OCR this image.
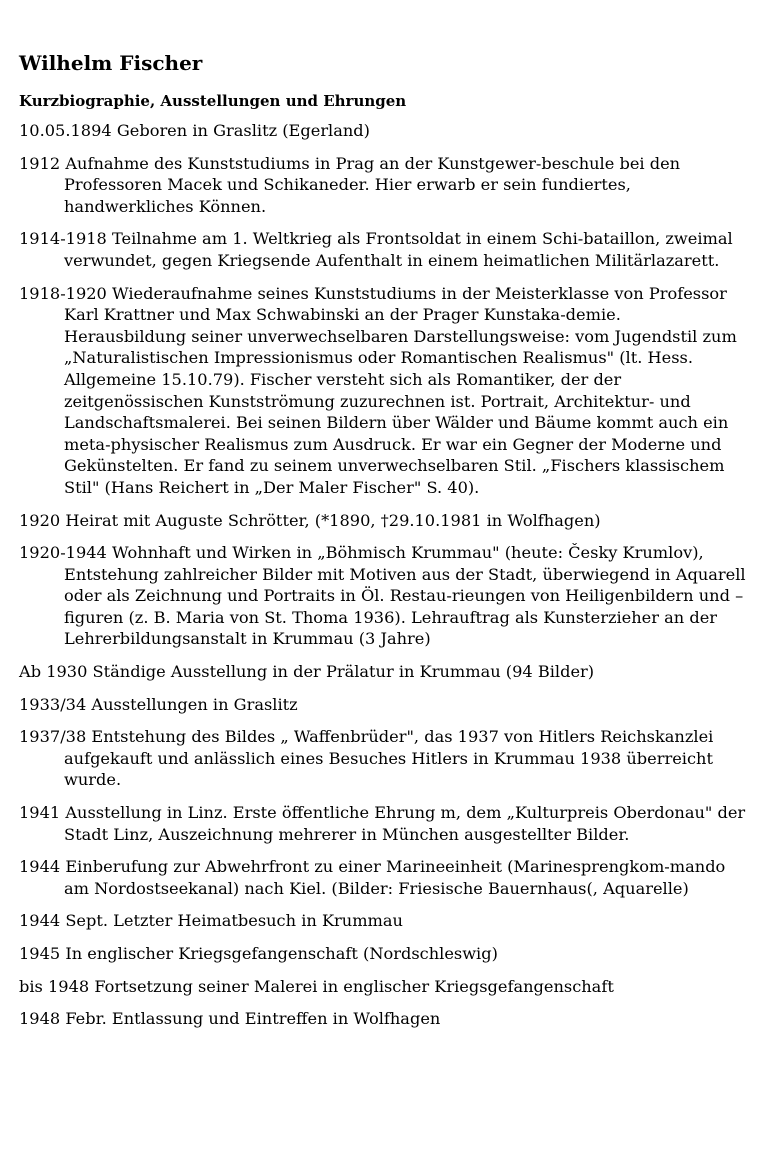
Wilhelm Fischer
Kurzbiographie, Ausstellungen und Ehrungen

10.05.1894 Geboren in Graslitz (Egerland)

1912 Aufnahme des Kunststudiums in Prag an der Kunstgewer-beschule bei den Professoren Macek und Schikaneder. Hier erwarb er sein fundiertes, handwerkliches Können.

1914-1918 Teilnahme am 1. Weltkrieg als Frontsoldat in einem Schi-bataillon, zweimal verwundet, gegen Kriegsende Aufenthalt in einem heimatlichen Militärlazarett.

1918-1920 Wiederaufnahme seines Kunststudiums in der Meisterklasse von Professor Karl Krattner und Max Schwabinski an der Prager Kunstaka-demie. Herausbildung seiner unverwechselbaren Darstellungsweise: vom Jugendstil zum „Naturalistischen Impressionismus oder Romantischen Realismus" (lt. Hess. Allgemeine 15.10.79). Fischer versteht sich als Romantiker, der der zeitgenössischen Kunstströmung zuzurechnen ist. Portrait, Architektur- und Landschaftsmalerei. Bei seinen Bildern über Wälder und Bäume kommt auch ein meta-physischer Realismus zum Ausdruck. Er war ein Gegner der Moderne und Gekünstelten. Er fand zu seinem unverwechselbaren Stil. „Fischers klassischem Stil" (Hans Reichert in „Der Maler Fischer" S. 40).

1920 Heirat mit Auguste Schrötter, (*1890, †29.10.1981 in Wolfhagen)

1920-1944 Wohnhaft und Wirken in „Böhmisch Krummau" (heute: Česky Krumlov), Entstehung zahlreicher Bilder mit Motiven aus der Stadt, überwiegend in Aquarell oder als Zeichnung und Portraits in Öl. Restau-rieungen von Heiligenbildern und –figuren (z. B. Maria von St. Thoma 1936). Lehrauftrag als Kunsterzieher an der Lehrerbildungsanstalt in Krummau (3 Jahre)

Ab 1930 Ständige Ausstellung in der Prälatur in Krummau (94 Bilder)

1933/34 Ausstellungen in Graslitz

1937/38 Entstehung des Bildes „ Waffenbrüder", das 1937 von Hitlers Reichskanzlei aufgekauft und anlässlich eines Besuches Hitlers in Krummau 1938 überreicht wurde.

1941 Ausstellung in Linz. Erste öffentliche Ehrung m, dem „Kulturpreis Oberdonau" der Stadt Linz, Auszeichnung mehrerer in München ausgestellter Bilder.

1944 Einberufung zur Abwehrfront zu einer Marineeinheit (Marinesprengkom-mando am Nordostseekanal) nach Kiel. (Bilder: Friesische Bauernhaus(, Aquarelle)

1944 Sept. Letzter Heimatbesuch in Krummau

1945 In englischer Kriegsgefangenschaft (Nordschleswig)

bis 1948 Fortsetzung seiner Malerei in englischer Kriegsgefangenschaft

1948 Febr. Entlassung und Eintreffen in Wolfhagen
